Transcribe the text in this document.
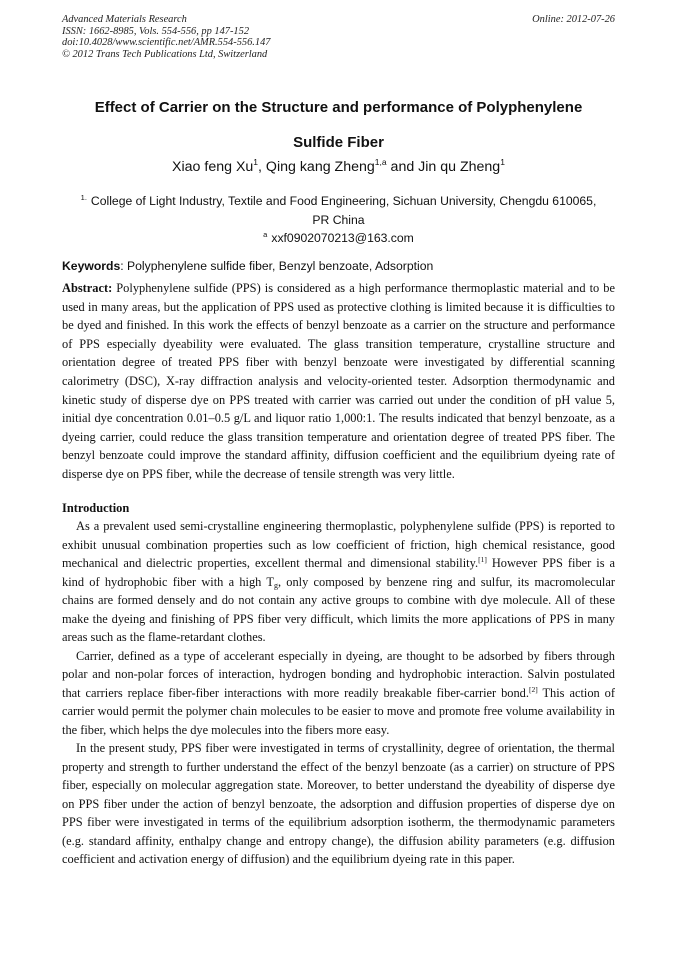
Advanced Materials Research
ISSN: 1662-8985, Vols. 554-556, pp 147-152
doi:10.4028/www.scientific.net/AMR.554-556.147
© 2012 Trans Tech Publications Ltd, Switzerland
Online: 2012-07-26
Effect of Carrier on the Structure and performance of Polyphenylene
Sulfide Fiber
Xiao feng Xu$^1$, Qing kang Zheng$^{1,a}$ and Jin qu Zheng$^1$
$^{1.}$ College of Light Industry, Textile and Food Engineering, Sichuan University, Chengdu 610065,
PR China
$^a$ xxf0902070213@163.com
Keywords: Polyphenylene sulfide fiber, Benzyl benzoate, Adsorption
Abstract: Polyphenylene sulfide (PPS) is considered as a high performance thermoplastic material and to be used in many areas, but the application of PPS used as protective clothing is limited because it is difficulties to be dyed and finished. In this work the effects of benzyl benzoate as a carrier on the structure and performance of PPS especially dyeability were evaluated. The glass transition temperature, crystalline structure and orientation degree of treated PPS fiber with benzyl benzoate were investigated by differential scanning calorimetry (DSC), X-ray diffraction analysis and velocity-oriented tester. Adsorption thermodynamic and kinetic study of disperse dye on PPS treated with carrier was carried out under the condition of pH value 5, initial dye concentration 0.01–0.5 g/L and liquor ratio 1,000:1. The results indicated that benzyl benzoate, as a dyeing carrier, could reduce the glass transition temperature and orientation degree of treated PPS fiber. The benzyl benzoate could improve the standard affinity, diffusion coefficient and the equilibrium dyeing rate of disperse dye on PPS fiber, while the decrease of tensile strength was very little.
Introduction

As a prevalent used semi-crystalline engineering thermoplastic, polyphenylene sulfide (PPS) is reported to exhibit unusual combination properties such as low coefficient of friction, high chemical resistance, good mechanical and dielectric properties, excellent thermal and dimensional stability.[1] However PPS fiber is a kind of hydrophobic fiber with a high $T_g$, only composed by benzene ring and sulfur, its macromolecular chains are formed densely and do not contain any active groups to combine with dye molecule. All of these make the dyeing and finishing of PPS fiber very difficult, which limits the more applications of PPS in many areas such as the flame-retardant clothes.

Carrier, defined as a type of accelerant especially in dyeing, are thought to be adsorbed by fibers through polar and non-polar forces of interaction, hydrogen bonding and hydrophobic interaction. Salvin postulated that carriers replace fiber-fiber interactions with more readily breakable fiber-carrier bond.[2] This action of carrier would permit the polymer chain molecules to be easier to move and promote free volume availability in the fiber, which helps the dye molecules into the fibers more easy.

In the present study, PPS fiber were investigated in terms of crystallinity, degree of orientation, the thermal property and strength to further understand the effect of the benzyl benzoate (as a carrier) on structure of PPS fiber, especially on molecular aggregation state. Moreover, to better understand the dyeability of disperse dye on PPS fiber under the action of benzyl benzoate, the adsorption and diffusion properties of disperse dye on PPS fiber were investigated in terms of the equilibrium adsorption isotherm, the thermodynamic parameters (e.g. standard affinity, enthalpy change and entropy change), the diffusion ability parameters (e.g. diffusion coefficient and activation energy of diffusion) and the equilibrium dyeing rate in this paper.
